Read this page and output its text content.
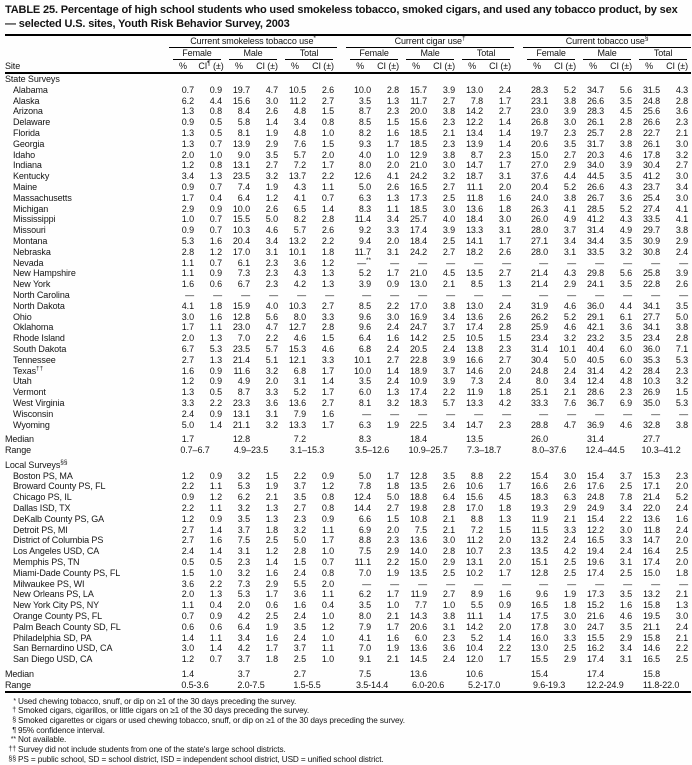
TABLE 25. Percentage of high school students who used smokeless tobacco, smoked cigars, and used any tobacco product, by sex — selected U.S. sites, Youth Risk Behavior Survey, 2003
Site	Current smokeless tobacco use*							Current cigar use†							Current tobacco use§

	Female		Male		Total			Female		Male		Total			Female		Male		Total	

	%	CI¶ (±)	%	CI (±)	%	CI (±)		%	CI (±)	%	CI (±)	%	CI (±)		%	CI (±)	%	CI (±)	%	CI (±)
State Surveys																				
Alabama	0.7	0.9	19.7	4.7	10.5	2.6		10.0	2.8	15.7	3.9	13.0	2.4		28.3	5.2	34.7	5.6	31.5	4.3
Alaska	6.2	4.4	15.6	3.0	11.2	2.7		3.5	1.3	11.7	2.7	7.8	1.7		23.1	3.8	26.6	3.5	24.8	2.8
Arizona	1.3	0.8	8.4	2.6	4.8	1.5		8.7	2.3	20.0	3.8	14.2	2.7		23.0	3.9	28.3	4.5	25.6	3.6
Delaware	0.9	0.5	5.8	1.4	3.4	0.8		8.5	1.5	15.6	2.3	12.2	1.4		26.8	3.0	26.1	2.8	26.6	2.3
Florida	1.3	0.5	8.1	1.9	4.8	1.0		8.2	1.6	18.5	2.1	13.4	1.4		19.7	2.3	25.7	2.8	22.7	2.1
Georgia	1.3	0.7	13.9	2.9	7.6	1.5		9.3	1.7	18.5	2.3	13.9	1.4		20.6	3.5	31.7	3.8	26.1	3.0
Idaho	2.0	1.0	9.0	3.5	5.7	2.0		4.0	1.0	12.9	3.8	8.7	2.3		15.0	2.7	20.3	4.6	17.8	3.2
Indiana	1.2	0.8	13.1	2.7	7.2	1.7		8.0	2.0	21.0	3.0	14.7	1.7		27.0	2.9	34.0	3.9	30.4	2.7
Kentucky	3.4	1.3	23.5	3.2	13.7	2.2		12.6	4.1	24.2	3.2	18.7	3.1		37.6	4.4	44.5	3.5	41.2	3.0
Maine	0.9	0.7	7.4	1.9	4.3	1.1		5.0	2.6	16.5	2.7	11.1	2.0		20.4	5.2	26.6	4.3	23.7	3.4
Massachusetts	1.7	0.4	6.4	1.2	4.1	0.7		6.3	1.3	17.3	2.5	11.8	1.6		24.0	3.8	26.7	3.6	25.4	3.0
Michigan	2.9	0.9	10.0	2.6	6.5	1.4		8.3	1.1	18.5	3.0	13.6	1.8		26.3	4.1	28.5	5.2	27.4	4.1
Mississippi	1.0	0.7	15.5	5.0	8.2	2.8		11.4	3.4	25.7	4.0	18.4	3.0		26.0	4.9	41.2	4.3	33.5	4.1
Missouri	0.9	0.7	10.3	4.6	5.7	2.6		9.2	3.3	17.4	3.9	13.3	3.1		28.0	3.7	31.4	4.9	29.7	3.8
Montana	5.3	1.6	20.4	3.4	13.2	2.2		9.4	2.0	18.4	2.5	14.1	1.7		27.1	3.4	34.4	3.5	30.9	2.9
Nebraska	2.8	1.2	17.0	3.1	10.1	1.8		11.7	3.1	24.2	2.7	18.2	2.6		28.0	3.1	33.5	3.2	30.8	2.4
Nevada	1.1	0.7	6.1	2.3	3.6	1.2		—**	—	—	—	—	—		—	—	—	—	—	—
New Hampshire	1.1	0.9	7.3	2.3	4.3	1.3		5.2	1.7	21.0	4.5	13.5	2.7		21.4	4.3	29.8	5.6	25.8	3.9
New York	1.6	0.6	6.7	2.3	4.2	1.3		3.9	0.9	13.0	2.1	8.5	1.3		21.4	2.9	24.1	3.5	22.8	2.6
North Carolina	—	—	—	—	—	—		—	—	—	—	—	—		—	—	—	—	—	—
North Dakota	4.1	1.8	15.9	4.0	10.3	2.7		8.5	2.2	17.0	3.8	13.0	2.4		31.9	4.6	36.0	4.4	34.1	3.5
Ohio	3.0	1.6	12.8	5.6	8.0	3.3		9.6	3.0	16.9	3.4	13.6	2.6		26.2	5.2	29.1	6.1	27.7	5.0
Oklahoma	1.7	1.1	23.0	4.7	12.7	2.8		9.6	2.4	24.7	3.7	17.4	2.8		25.9	4.6	42.1	3.6	34.1	3.8
Rhode Island	2.0	1.3	7.0	2.2	4.6	1.5		6.4	1.6	14.2	2.5	10.5	1.5		23.4	3.2	23.2	3.5	23.4	2.8
South Dakota	6.7	5.3	23.5	5.7	15.3	4.6		6.8	2.4	20.5	2.4	13.8	2.3		31.4	10.1	40.4	6.0	36.0	7.1
Tennessee	2.7	1.3	21.4	5.1	12.1	3.3		10.1	2.7	22.8	3.9	16.6	2.7		30.4	5.0	40.5	6.0	35.3	5.3
Texas††	1.6	0.9	11.6	3.2	6.8	1.7		10.0	1.4	18.9	3.7	14.6	2.0		24.8	2.4	31.4	4.2	28.4	2.3
Utah	1.2	0.9	4.9	2.0	3.1	1.4		3.5	2.4	10.9	3.9	7.3	2.4		8.0	3.4	12.4	4.8	10.3	3.2
Vermont	1.3	0.5	8.7	3.3	5.2	1.7		6.0	1.3	17.4	2.2	11.9	1.8		25.1	2.1	28.6	2.3	26.9	1.5
West Virginia	3.3	2.2	23.3	3.6	13.6	2.7		8.1	3.2	18.3	5.7	13.3	4.2		33.3	7.6	36.7	6.9	35.0	5.3
Wisconsin	2.4	0.9	13.1	3.1	7.9	1.6		—	—	—	—	—	—		—	—	—	—	—	—
Wyoming	5.0	1.4	21.1	3.2	13.3	1.7		6.3	1.9	22.5	3.4	14.7	2.3		28.8	4.7	36.9	4.6	32.8	3.8

Median	1.7		12.8		7.2			8.3		18.4		13.5			26.0		31.4		27.7	
Range	0.7–6.7		4.9–23.5		3.1–15.3			3.5–12.6		10.9–25.7		7.3–18.7			8.0–37.6		12.4–44.5		10.3–41.2	

Local Surveys§§
Boston PS, MA	1.2	0.9	3.2	1.5	2.2	0.9		5.0	1.7	12.8	3.5	8.8	2.2		15.4	3.0	15.4	3.7	15.3	2.3
Broward County PS, FL	2.2	1.1	5.3	1.9	3.7	1.2		7.8	1.8	13.5	2.6	10.6	1.7		16.6	2.6	17.6	2.5	17.1	2.0
Chicago PS, IL	0.9	1.2	6.2	2.1	3.5	0.8		12.4	5.0	18.8	6.4	15.6	4.5		18.3	6.3	24.8	7.8	21.4	5.2
Dallas ISD, TX	2.2	1.1	3.2	1.3	2.7	0.8		14.4	2.7	19.8	2.8	17.0	1.8		19.3	2.9	24.9	3.4	22.0	2.4
DeKalb County PS, GA	1.2	0.9	3.5	1.3	2.3	0.9		6.6	1.5	10.8	2.1	8.8	1.3		11.9	2.1	15.4	2.2	13.6	1.6
Detroit PS, MI	2.7	1.4	3.7	1.8	3.2	1.1		6.9	2.0	7.5	2.1	7.2	1.5		11.5	3.3	12.2	3.0	11.8	2.4
District of Columbia PS	2.7	1.6	7.5	2.5	5.0	1.7		8.8	2.3	13.6	3.0	11.2	2.0		13.2	2.4	16.5	3.3	14.7	2.0
Los Angeles USD, CA	2.4	1.4	3.1	1.2	2.8	1.0		7.5	2.9	14.0	2.8	10.7	2.3		13.5	4.2	19.4	2.4	16.4	2.5
Memphis PS, TN	0.5	0.5	2.3	1.4	1.5	0.7		11.1	2.2	15.0	2.9	13.1	2.0		15.1	2.5	19.6	3.1	17.4	2.0
Miami-Dade County PS, FL	1.5	1.0	3.2	1.6	2.4	0.8		7.0	1.9	13.5	2.5	10.2	1.7		12.8	2.5	17.4	2.5	15.0	1.8
Milwaukee PS, WI	3.6	2.2	7.3	2.9	5.5	2.0		—	—	—	—	—	—		—	—	—	—	—	—
New Orleans PS, LA	2.0	1.3	5.3	1.7	3.6	1.1		6.2	1.7	11.9	2.7	8.9	1.6		9.6	1.9	17.3	3.5	13.2	2.1
New York City PS, NY	1.1	0.4	2.0	0.6	1.6	0.4		3.5	1.0	7.7	1.0	5.5	0.9		16.5	1.8	15.2	1.6	15.8	1.3
Orange County PS, FL	0.7	0.9	4.2	2.5	2.4	1.0		8.0	2.1	14.3	3.8	11.1	1.4		17.5	3.0	21.6	4.6	19.5	3.0
Palm Beach County SD, FL	0.6	0.6	6.4	1.9	3.5	1.2		7.9	1.7	20.6	3.1	14.2	2.0		17.8	3.0	24.7	3.5	21.1	2.4
Philadelphia SD, PA	1.4	1.1	3.4	1.6	2.4	1.0		4.1	1.6	6.0	2.3	5.2	1.4		16.0	3.3	15.5	2.9	15.8	2.1
San Bernardino USD, CA	3.0	1.4	4.2	1.7	3.7	1.1		7.0	1.9	13.6	3.6	10.4	2.2		13.0	2.5	16.2	3.4	14.6	2.2
San Diego USD, CA	1.2	0.7	3.7	1.8	2.5	1.0		9.1	2.1	14.5	2.4	12.0	1.7		15.5	2.9	17.4	3.1	16.5	2.5

Median	1.4		3.7		2.7			7.5		13.6		10.6			15.4		17.4		15.8	
Range	0.5-3.6		2.0-7.5		1.5-5.5			3.5-14.4		6.0-20.6		5.2-17.0			9.6-19.3		12.2-24.9		11.8-22.0	
* Used chewing tobacco, snuff, or dip on ≥1 of the 30 days preceding the survey.
† Smoked cigars, cigarillos, or little cigars on ≥1 of the 30 days preceding the survey.
§ Smoked cigarettes or cigars or used chewing tobacco, snuff, or dip on ≥1 of the 30 days preceding the survey.
¶ 95% confidence interval.
** Not available.
†† Survey did not include students from one of the state's large school districts.
§§ PS = public school, SD = school district, ISD = independent school district, USD = unified school district.
